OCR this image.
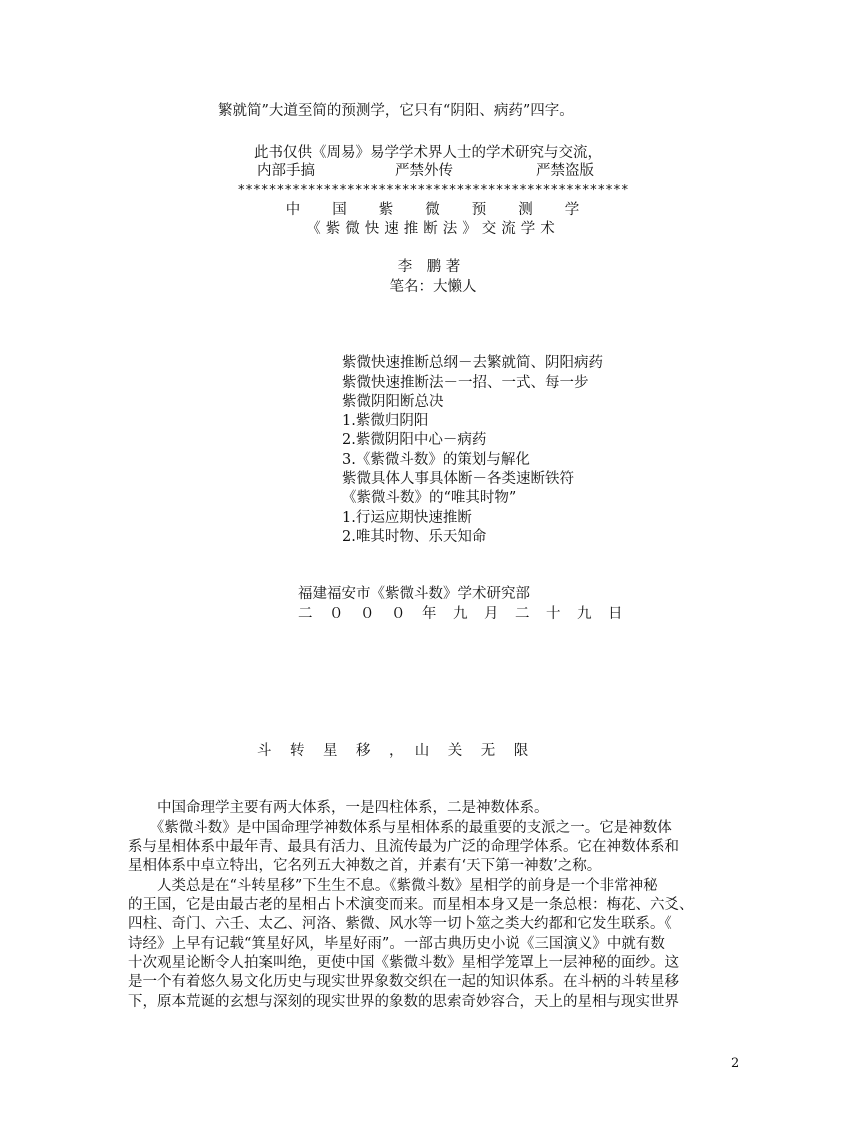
繁就简”大道至简的预测学，它只有“阴阳、病药”四字。

此书仅供《周易》易学学术界人士的学术研究与交流，

内部手搞	严禁外传	严禁盗版

**************************************************

中　　国　　紫　　微　　预　　测　　学

《紫微快速推断法》交流学术

李　鹏 著

笔名：大懒人

紫微快速推断总纲－去繁就简、阴阳病药

紫微快速推断法－一招、一式、每一步

紫微阴阳断总决

1.紫微归阴阳

2.紫微阴阳中心－病药

3.《紫微斗数》的策划与解化

紫微具体人事具体断－各类速断铁符

《紫微斗数》的“唯其时物”

1.行运应期快速推断

2.唯其时物、乐天知命

福建福安市《紫微斗数》学术研究部

二　０　０　０　年　九　月　二　十　九　日

斗　转　星　移　，　山　关　无　限

　　中国命理学主要有两大体系，一是四柱体系，二是神数体系。

　　《紫微斗数》是中国命理学神数体系与星相体系的最重要的支派之一。它是神数体

系与星相体系中最年青、最具有活力、且流传最为广泛的命理学体系。它在神数体系和

星相体系中卓立特出，它名列五大神数之首，并素有‘天下第一神数’之称。

　　人类总是在“斗转星移”下生生不息。《紫微斗数》星相学的前身是一个非常神秘

的王国，它是由最古老的星相占卜术演变而来。而星相本身又是一条总根：梅花、六爻、

四柱、奇门、六壬、太乙、河洛、紫微、风水等一切卜筮之类大约都和它发生联系。《

诗经》上早有记载“箕星好风，毕星好雨”。一部古典历史小说《三国演义》中就有数

十次观星论断令人拍案叫绝，更使中国《紫微斗数》星相学笼罩上一层神秘的面纱。这

是一个有着悠久易文化历史与现实世界象数交织在一起的知识体系。在斗柄的斗转星移

下，原本荒诞的玄想与深刻的现实世界的象数的思索奇妙容合，天上的星相与现实世界

2
